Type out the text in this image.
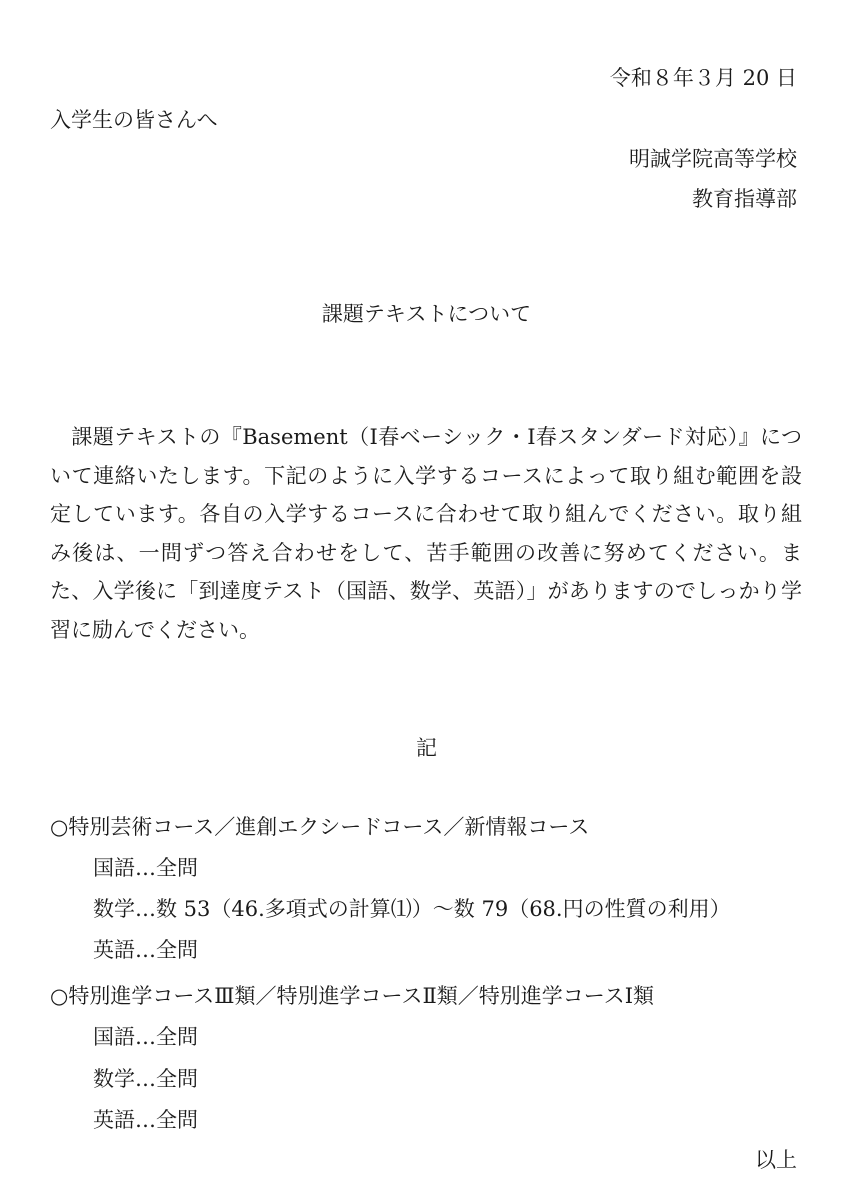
令和８年３月 20 日
入学生の皆さんへ
明誠学院高等学校
教育指導部
課題テキストについて
課題テキストの『Basement（Ⅰ春ベーシック・Ⅰ春スタンダード対応）』について連絡いたします。下記のように入学するコースによって取り組む範囲を設定しています。各自の入学するコースに合わせて取り組んでください。取り組み後は、一問ずつ答え合わせをして、苦手範囲の改善に努めてください。また、入学後に「到達度テスト（国語、数学、英語）」がありますのでしっかり学習に励んでください。
記
○特別芸術コース／進創エクシードコース／新情報コース
国語…全問
数学…数 53（46.多項式の計算⑴）～数 79（68.円の性質の利用）
英語…全問
○特別進学コースⅢ類／特別進学コースⅡ類／特別進学コースⅠ類
国語…全問
数学…全問
英語…全問
以上
